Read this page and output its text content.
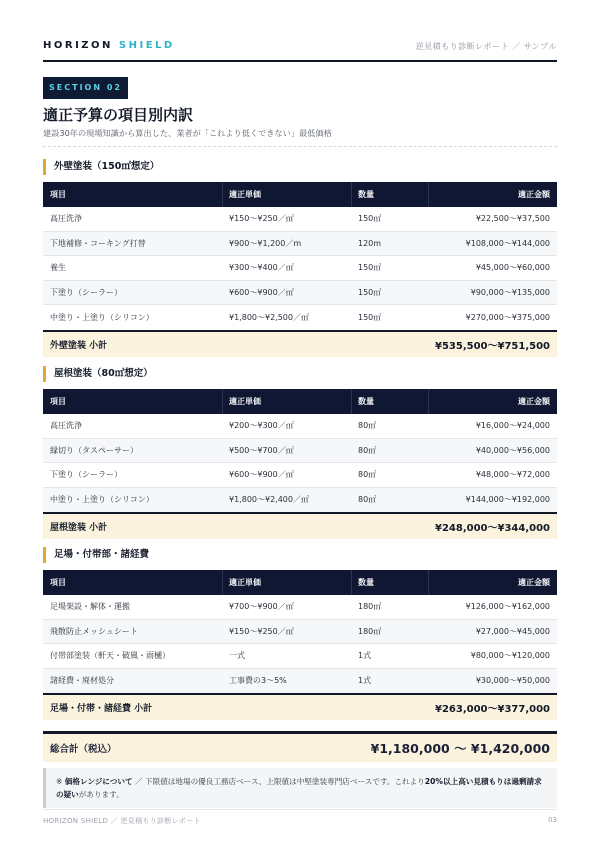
HORIZON SHIELD	逆見積もり診断レポート ／ サンプル
SECTION 02
適正予算の項目別内訳
建設30年の現場知識から算出した、業者が「これより低くできない」最低価格
外壁塗装（150㎡想定）
項目	適正単価	数量	適正金額
高圧洗浄	¥150〜¥250／㎡	150㎡	¥22,500〜¥37,500
下地補修・コーキング打替	¥900〜¥1,200／m	120m	¥108,000〜¥144,000
養生	¥300〜¥400／㎡	150㎡	¥45,000〜¥60,000
下塗り（シーラー）	¥600〜¥900／㎡	150㎡	¥90,000〜¥135,000
中塗り・上塗り（シリコン）	¥1,800〜¥2,500／㎡	150㎡	¥270,000〜¥375,000
外壁塗装 小計	¥535,500〜¥751,500
屋根塗装（80㎡想定）
項目	適正単価	数量	適正金額
高圧洗浄	¥200〜¥300／㎡	80㎡	¥16,000〜¥24,000
縁切り（タスペーサー）	¥500〜¥700／㎡	80㎡	¥40,000〜¥56,000
下塗り（シーラー）	¥600〜¥900／㎡	80㎡	¥48,000〜¥72,000
中塗り・上塗り（シリコン）	¥1,800〜¥2,400／㎡	80㎡	¥144,000〜¥192,000
屋根塗装 小計	¥248,000〜¥344,000
足場・付帯部・諸経費
項目	適正単価	数量	適正金額
足場架設・解体・運搬	¥700〜¥900／㎡	180㎡	¥126,000〜¥162,000
飛散防止メッシュシート	¥150〜¥250／㎡	180㎡	¥27,000〜¥45,000
付帯部塗装（軒天・破風・雨樋）	一式	1式	¥80,000〜¥120,000
諸経費・廃材処分	工事費の3〜5%	1式	¥30,000〜¥50,000
足場・付帯・諸経費 小計	¥263,000〜¥377,000
総合計（税込）	¥1,180,000 〜 ¥1,420,000
※ 価格レンジについて ／ 下限値は地場の優良工務店ベース、上限値は中堅塗装専門店ベースです。これより20%以上高い見積もりは過剰請求の疑いがあります。
HORIZON SHIELD ／ 逆見積もり診断レポート	03
